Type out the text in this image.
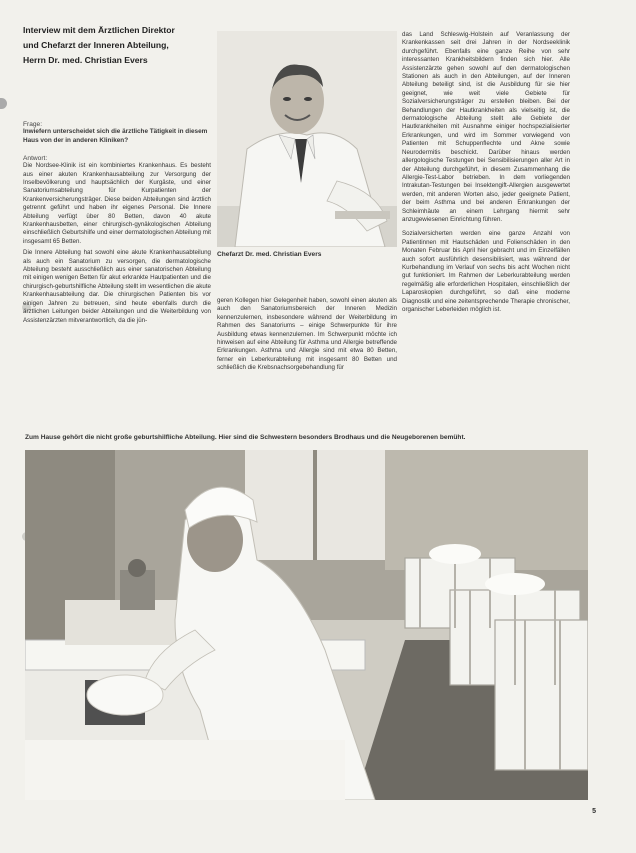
Interview mit dem Ärztlichen Direktor
und Chefarzt der Inneren Abteilung,
Herrn Dr. med. Christian Evers
Frage:
Inwiefern unterscheidet sich die ärztliche Tätigkeit in diesem Haus von der in anderen Kliniken?
Antwort:
Die Nordsee-Klinik ist ein kombiniertes Krankenhaus. Es besteht aus einer akuten Krankenhausabteilung zur Versorgung der Inselbevölkerung und hauptsächlich der Kurgäste, und einer Sanatoriumsabteilung für Kurpatienten der Krankenversicherungsträger. Diese beiden Abteilungen sind ärztlich getrennt geführt und haben ihr eigenes Personal. Die Innere Abteilung verfügt über 80 Betten, davon 40 akute Krankenhausbetten, einer chirurgisch-gynäkologischen Abteilung einschließlich Geburtshilfe und einer dermatologischen Abteilung mit insgesamt 65 Betten.
Die Innere Abteilung hat sowohl eine akute Krankenhausabteilung als auch ein Sanatorium zu versorgen, die dermatologische Abteilung besteht ausschließlich aus einer sanatorischen Abteilung mit einigen wenigen Betten für akut erkrankte Hautpatienten und die chirurgisch-geburtshilfliche Abteilung stellt im wesentlichen die akute Krankenhausabteilung dar. Die chirurgischen Patienten bis vor einigen Jahren zu betreuen, sind heute ebenfalls durch die ärztlichen Leitungen beider Abteilungen und die Weiterbildung von Assistenzärzten mitverantwortlich, da die jün-
Chefarzt Dr. med. Christian Evers
geren Kollegen hier Gelegenheit haben, sowohl einen akuten als auch den Sanatoriumsbereich der Inneren Medizin kennenzulernen, insbesondere während der Weiterbildung im Rahmen des Sanatoriums – einige Schwerpunkte für ihre Ausbildung etwas kennenzulernen. Im Schwerpunkt möchte ich hinweisen auf eine Abteilung für Asthma und Allergie betreffende Erkrankungen. Asthma und Allergie sind mit etwa 80 Betten, ferner ein Leberkurabteilung mit insgesamt 80 Betten und schließlich die Krebsnachsorgebehandlung für
das Land Schleswig-Holstein auf Veranlassung der Krankenkassen seit drei Jahren in der Nordseeklinik durchgeführt. Ebenfalls eine ganze Reihe von sehr interessanten Krankheitsbildern finden sich hier. Alle Assistenzärzte gehen sowohl auf den dermatologischen Stationen als auch in den Abteilungen, auf der Inneren Abteilung beteiligt sind, ist die Ausbildung für sie hier geeignet, wie weit viele Gebiete für Sozialversicherungsträger zu erstellen bleiben. Bei der Behandlungen der Hautkrankheiten als vielseitig ist, die dermatologische Abteilung stellt alle Gebiete der Hautkrankheiten mit Ausnahme einiger hochspezialisierter Erkrankungen, und wird im Sommer vorwiegend von Patienten mit Schuppenflechte und Akne sowie Neurodermitis beschickt. Darüber hinaus werden allergologische Testungen bei Sensibilisierungen aller Art in der Abteilung durchgeführt, in diesem Zusammenhang die Allergie-Test-Labor betrieben. In dem vorliegenden Intrakutan-Testungen bei Insektengift-Allergien ausgewertet werden, mit anderen Worten also, jeder geeignete Patient, der beim Asthma und bei anderen Erkrankungen der Schleimhäute an einem Lehrgang hiermit sehr anzugewiesenen Einrichtung führen.
Sozialversicherten werden eine ganze Anzahl von Patientinnen mit Hautschäden und Folienschäden in den Monaten Februar bis April hier gebracht und im Einzelfällen auch sofort ausführlich desensibilisiert, was während der Kurbehandlung im Verlauf von sechs bis acht Wochen nicht gut funktioniert. Im Rahmen der Leberkurabteilung werden regelmäßig alle erforderlichen Hospitalen, einschließlich der Laparoskopien durchgeführt, so daß eine moderne Diagnostik und eine zeitentsprechende Therapie chronischer, organischer Leberleiden möglich ist.
Zum Hause gehört die nicht große geburtshilfliche Abteilung. Hier sind die Schwestern besonders Brodhaus und die Neugeborenen bemüht.
5
